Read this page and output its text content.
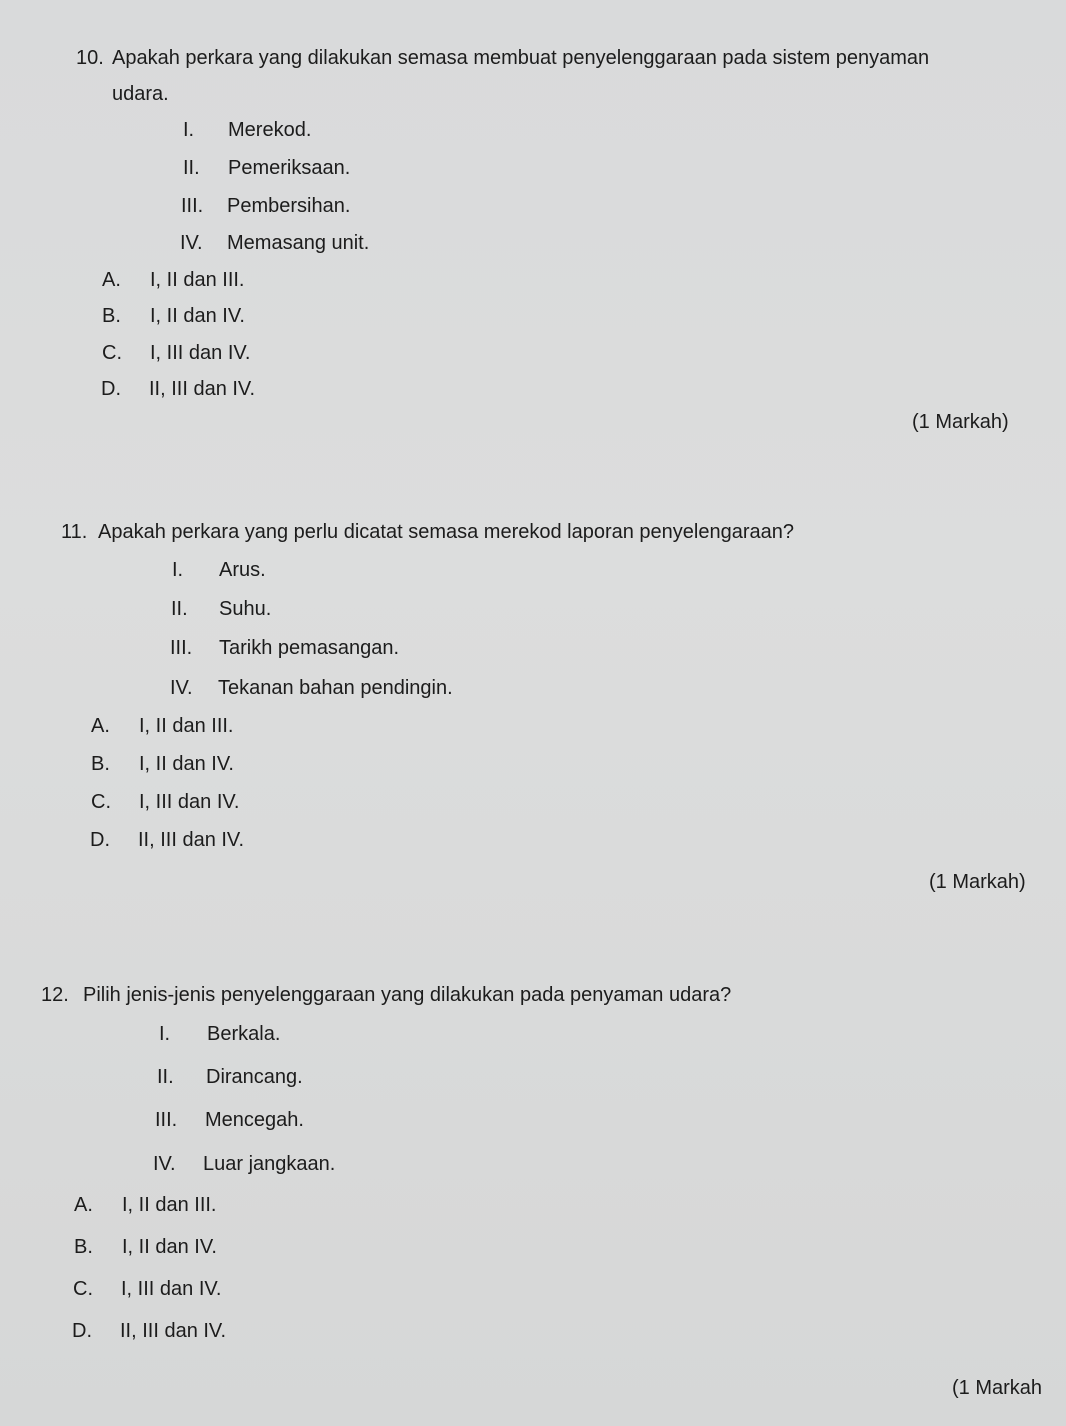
10. Apakah perkara yang dilakukan semasa membuat penyelenggaraan pada sistem penyaman
udara.
I. Merekod.
II. Pemeriksaan.
III. Pembersihan.
IV. Memasang unit.
A. I, II dan III.
B. I, II dan IV.
C. I, III dan IV.
D. II, III dan IV.
(1 Markah)
11. Apakah perkara yang perlu dicatat semasa merekod laporan penyelengaraan?
I. Arus.
II. Suhu.
III. Tarikh pemasangan.
IV. Tekanan bahan pendingin.
A. I, II dan III.
B. I, II dan IV.
C. I, III dan IV.
D. II, III dan IV.
(1 Markah)
12. Pilih jenis-jenis penyelenggaraan yang dilakukan pada penyaman udara?
I. Berkala.
II. Dirancang.
III. Mencegah.
IV. Luar jangkaan.
A. I, II dan III.
B. I, II dan IV.
C. I, III dan IV.
D. II, III dan IV.
(1 Markah
